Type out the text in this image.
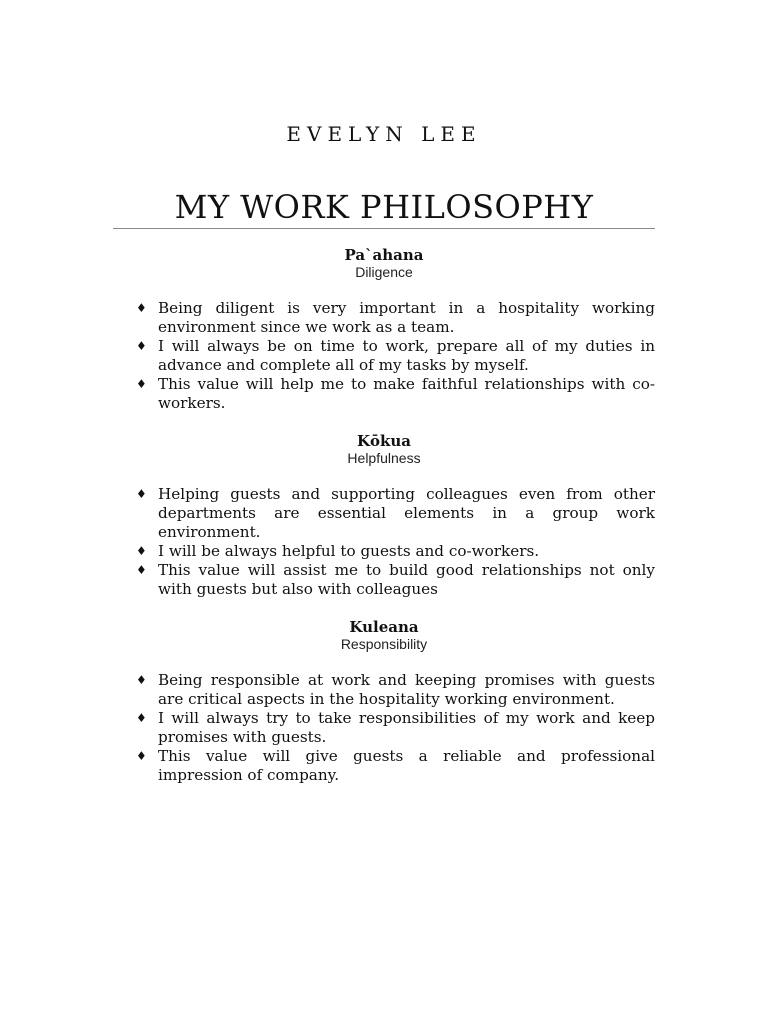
EVELYN LEE
MY WORK PHILOSOPHY
Pa`ahana
Diligence
♦ Being diligent is very important in a hospitality working environment since we work as a team.
♦ I will always be on time to work, prepare all of my duties in advance and complete all of my tasks by myself.
♦ This value will help me to make faithful relationships with co-workers.
Kōkua
Helpfulness
♦ Helping guests and supporting colleagues even from other departments are essential elements in a group work environment.
♦ I will be always helpful to guests and co-workers.
♦ This value will assist me to build good relationships not only with guests but also with colleagues
Kuleana
Responsibility
♦ Being responsible at work and keeping promises with guests are critical aspects in the hospitality working environment.
♦ I will always try to take responsibilities of my work and keep promises with guests.
♦ This value will give guests a reliable and professional impression of company.
